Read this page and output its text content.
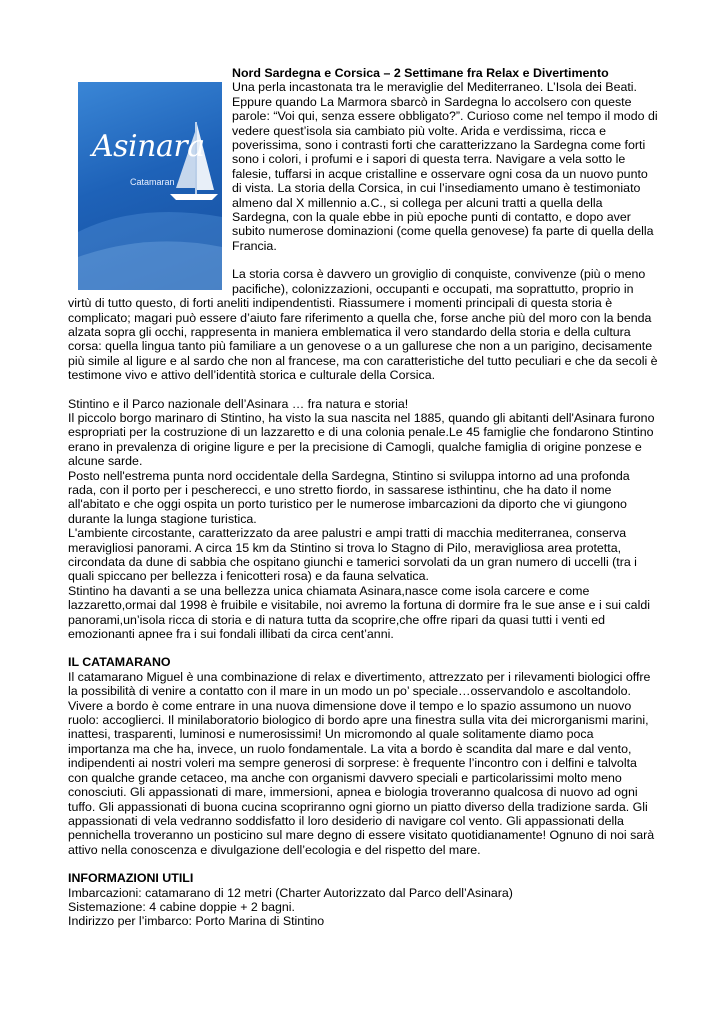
Asinara
Catamaran

Nord Sardegna e Corsica – 2 Settimane fra Relax e Divertimento

Una perla incastonata tra le meraviglie del Mediterraneo. L’Isola dei Beati. Eppure quando La Marmora sbarcò in Sardegna lo accolsero con queste parole: “Voi qui, senza essere obbligato?”. Curioso come nel tempo il modo di vedere quest’isola sia cambiato più volte. Arida e verdissima, ricca e poverissima, sono i contrasti forti che caratterizzano la Sardegna come forti sono i colori, i profumi e i sapori di questa terra. Navigare a vela sotto le falesie, tuffarsi in acque cristalline e osservare ogni cosa da un nuovo punto di vista. La storia della Corsica, in cui l’insediamento umano è testimoniato almeno dal X millennio a.C., si collega per alcuni tratti a quella della Sardegna, con la quale ebbe in più epoche punti di contatto, e dopo aver subito numerose dominazioni (come quella genovese) fa parte di quella della Francia.

La storia corsa è davvero un groviglio di conquiste, convivenze (più o meno pacifiche), colonizzazioni, occupanti e occupati, ma soprattutto, proprio in virtù di tutto questo, di forti aneliti indipendentisti. Riassumere i momenti principali di questa storia è complicato; magari può essere d’aiuto fare riferimento a quella che, forse anche più del moro con la benda alzata sopra gli occhi, rappresenta in maniera emblematica il vero standardo della storia e della cultura corsa: quella lingua tanto più familiare a un genovese o a un gallurese che non a un parigino, decisamente più simile al ligure e al sardo che non al francese, ma con caratteristiche del tutto peculiari e che da secoli è testimone vivo e attivo dell’identità storica e culturale della Corsica.

Stintino e il Parco nazionale dell’Asinara … fra natura e storia!

Il piccolo borgo marinaro di Stintino, ha visto la sua nascita nel 1885, quando gli abitanti dell'Asinara furono espropriati per la costruzione di un lazzaretto e di una colonia penale.Le 45 famiglie che fondarono Stintino erano in prevalenza di origine ligure e per la precisione di Camogli, qualche famiglia di origine ponzese e alcune sarde.

Posto nell'estrema punta nord occidentale della Sardegna, Stintino si sviluppa intorno ad una profonda rada, con il porto per i pescherecci, e uno stretto fiordo, in sassarese isthintinu, che ha dato il nome all'abitato e che oggi ospita un porto turistico per le numerose imbarcazioni da diporto che vi giungono durante la lunga stagione turistica.

L'ambiente circostante, caratterizzato da aree palustri e ampi tratti di macchia mediterranea, conserva meravigliosi panorami. A circa 15 km da Stintino si trova lo Stagno di Pilo, meravigliosa area protetta, circondata da dune di sabbia che ospitano giunchi e tamerici sorvolati da un gran numero di uccelli (tra i quali spiccano per bellezza i fenicotteri rosa) e da fauna selvatica.

Stintino ha davanti a se una bellezza unica chiamata Asinara,nasce come isola carcere e come lazzaretto,ormai dal 1998 è fruibile e visitabile, noi avremo la fortuna di dormire fra le sue anse e i sui caldi panorami,un’isola ricca di storia e di natura tutta da scoprire,che offre ripari da quasi tutti i venti ed emozionanti apnee fra i sui fondali illibati da circa cent’anni.

IL CATAMARANO

Il catamarano Miguel è una combinazione di relax e divertimento, attrezzato per i rilevamenti biologici offre la possibilità di venire a contatto con il mare in un modo un po’ speciale…osservandolo e ascoltandolo. Vivere a bordo è come entrare in una nuova dimensione dove il tempo e lo spazio assumono un nuovo ruolo: accoglierci. Il minilaboratorio biologico di bordo apre una finestra sulla vita dei microrganismi marini, inattesi, trasparenti, luminosi e numerosissimi! Un micromondo al quale solitamente diamo poca importanza ma che ha, invece, un ruolo fondamentale. La vita a bordo è scandita dal mare e dal vento, indipendenti ai nostri voleri ma sempre generosi di sorprese: è frequente l’incontro con i delfini e talvolta con qualche grande cetaceo, ma anche con organismi davvero speciali e particolarissimi molto meno conosciuti. Gli appassionati di mare, immersioni, apnea e biologia troveranno qualcosa di nuovo ad ogni tuffo. Gli appassionati di buona cucina scopriranno ogni giorno un piatto diverso della tradizione sarda. Gli appassionati di vela vedranno soddisfatto il loro desiderio di navigare col vento. Gli appassionati della pennichella troveranno un posticino sul mare degno di essere visitato quotidianamente! Ognuno di noi sarà attivo nella conoscenza e divulgazione dell’ecologia e del rispetto del mare.

INFORMAZIONI UTILI

Imbarcazioni: catamarano di 12 metri (Charter Autorizzato dal Parco dell’Asinara)

Sistemazione: 4 cabine doppie + 2 bagni.

Indirizzo per l’imbarco: Porto Marina di Stintino
